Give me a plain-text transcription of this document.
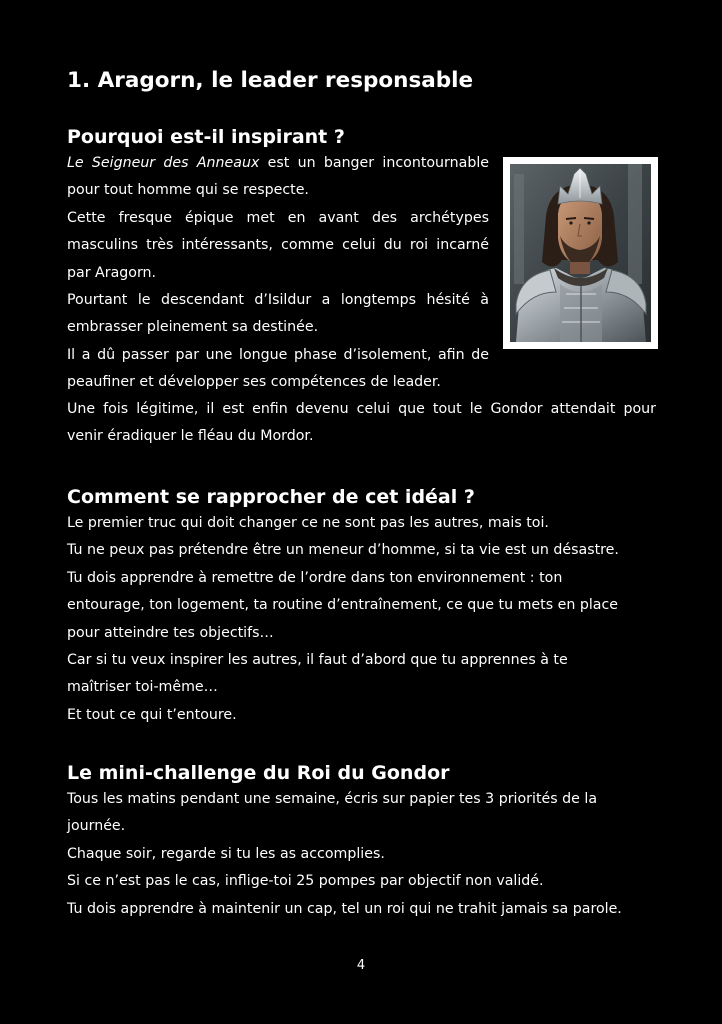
1. Aragorn, le leader responsable
Pourquoi est-il inspirant ?

Le Seigneur des Anneaux est un banger incontournable

pour tout homme qui se respecte.

Cette fresque épique met en avant des archétypes

masculins très intéressants, comme celui du roi incarné

par Aragorn.

Pourtant le descendant d’Isildur a longtemps hésité à

embrasser pleinement sa destinée.

Il a dû passer par une longue phase d’isolement, afin de

peaufiner et développer ses compétences de leader.

Une fois légitime, il est enfin devenu celui que tout le Gondor attendait pour

venir éradiquer le fléau du Mordor.

Comment se rapprocher de cet idéal ?

Le premier truc qui doit changer ce ne sont pas les autres, mais toi.

Tu ne peux pas prétendre être un meneur d’homme, si ta vie est un désastre.

Tu dois apprendre à remettre de l’ordre dans ton environnement : ton

entourage, ton logement, ta routine d’entraînement, ce que tu mets en place

pour atteindre tes objectifs…

Car si tu veux inspirer les autres, il faut d’abord que tu apprennes à te

maîtriser toi-même…

Et tout ce qui t’entoure.

Le mini-challenge du Roi du Gondor

Tous les matins pendant une semaine, écris sur papier tes 3 priorités de la

journée.

Chaque soir, regarde si tu les as accomplies.

Si ce n’est pas le cas, inflige-toi 25 pompes par objectif non validé.

Tu dois apprendre à maintenir un cap, tel un roi qui ne trahit jamais sa parole.

4
